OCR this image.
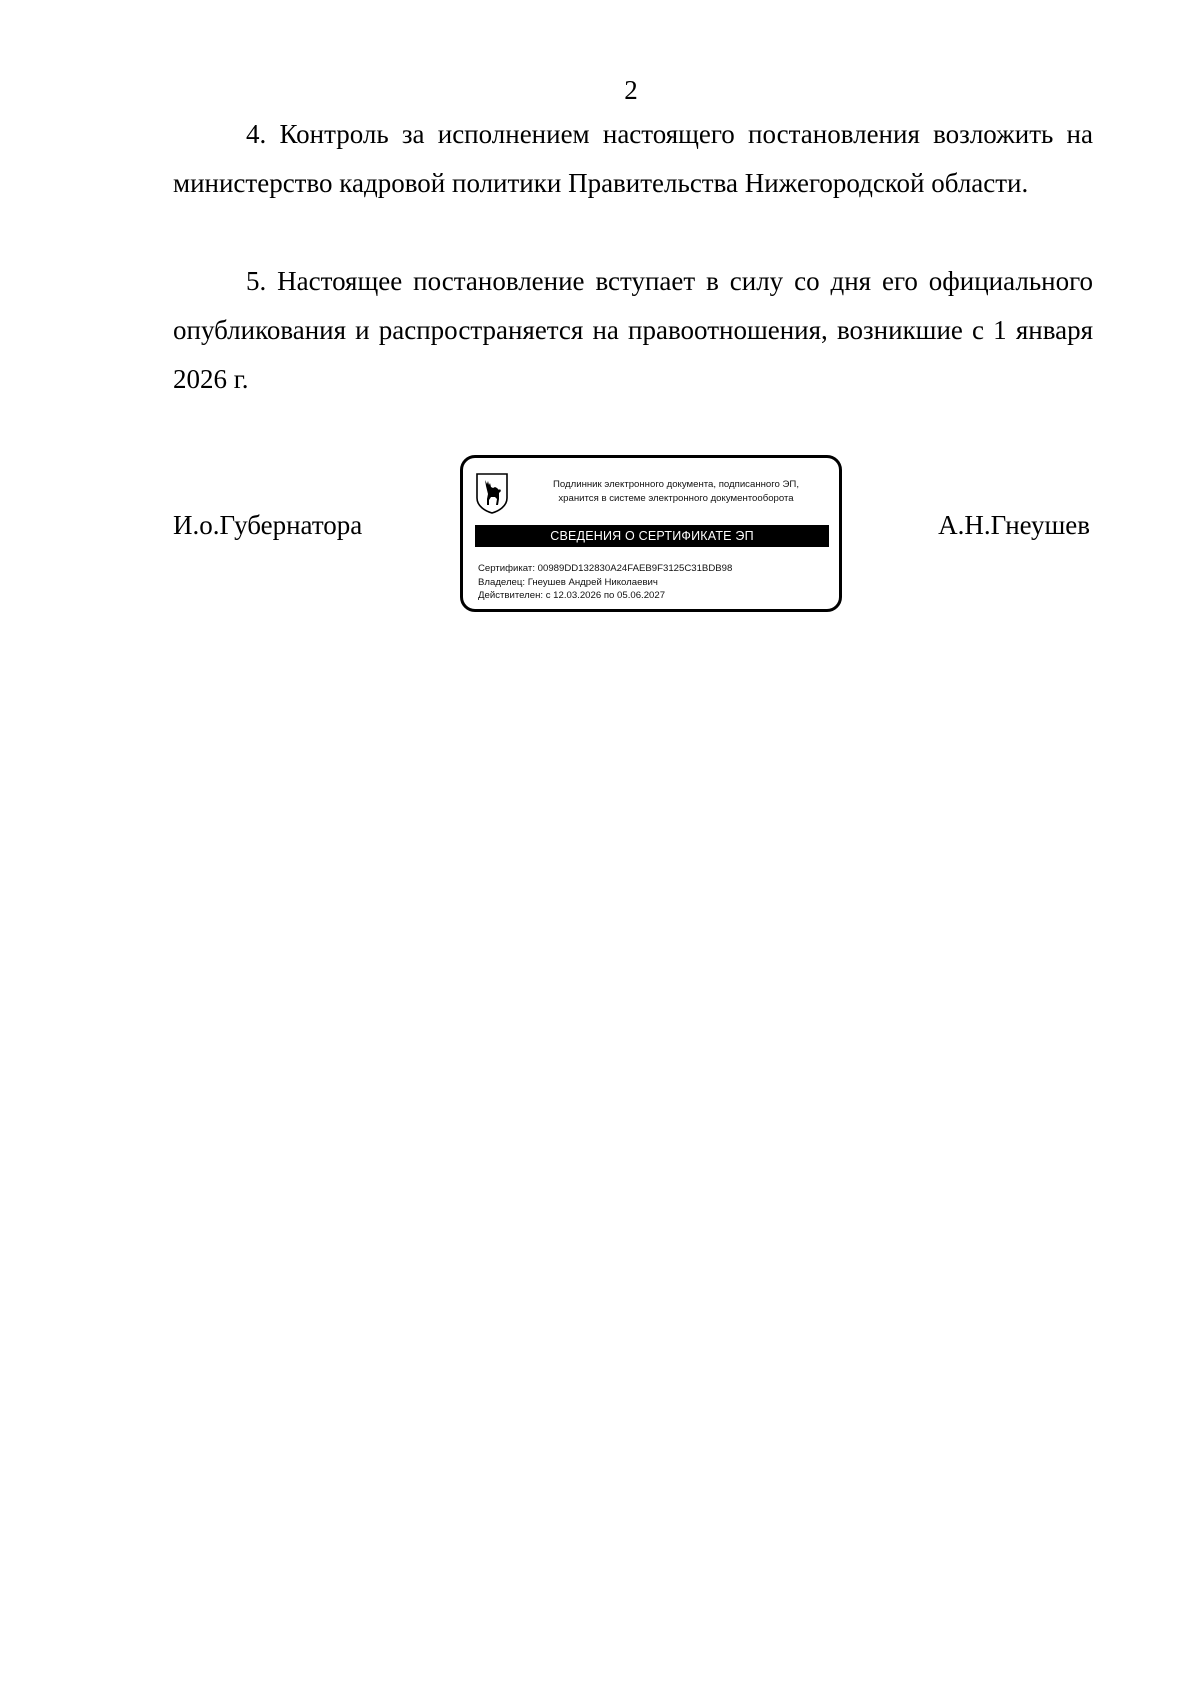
2

4. Контроль за исполнением настоящего постановления возложить на министерство кадровой политики Правительства Нижегородской области.

5. Настоящее постановление вступает в силу со дня его официального опубликования и распространяется на правоотношения, возникшие с 1 января 2026 г.

И.о.Губернатора	А.Н.Гнеушев
Подлинник электронного документа, подписанного ЭП,
хранится в системе электронного документооборота
СВЕДЕНИЯ О СЕРТИФИКАТЕ ЭП
Сертификат: 00989DD132830A24FAEB9F3125C31BDB98
Владелец: Гнеушев Андрей Николаевич
Действителен: с 12.03.2026 по 05.06.2027
